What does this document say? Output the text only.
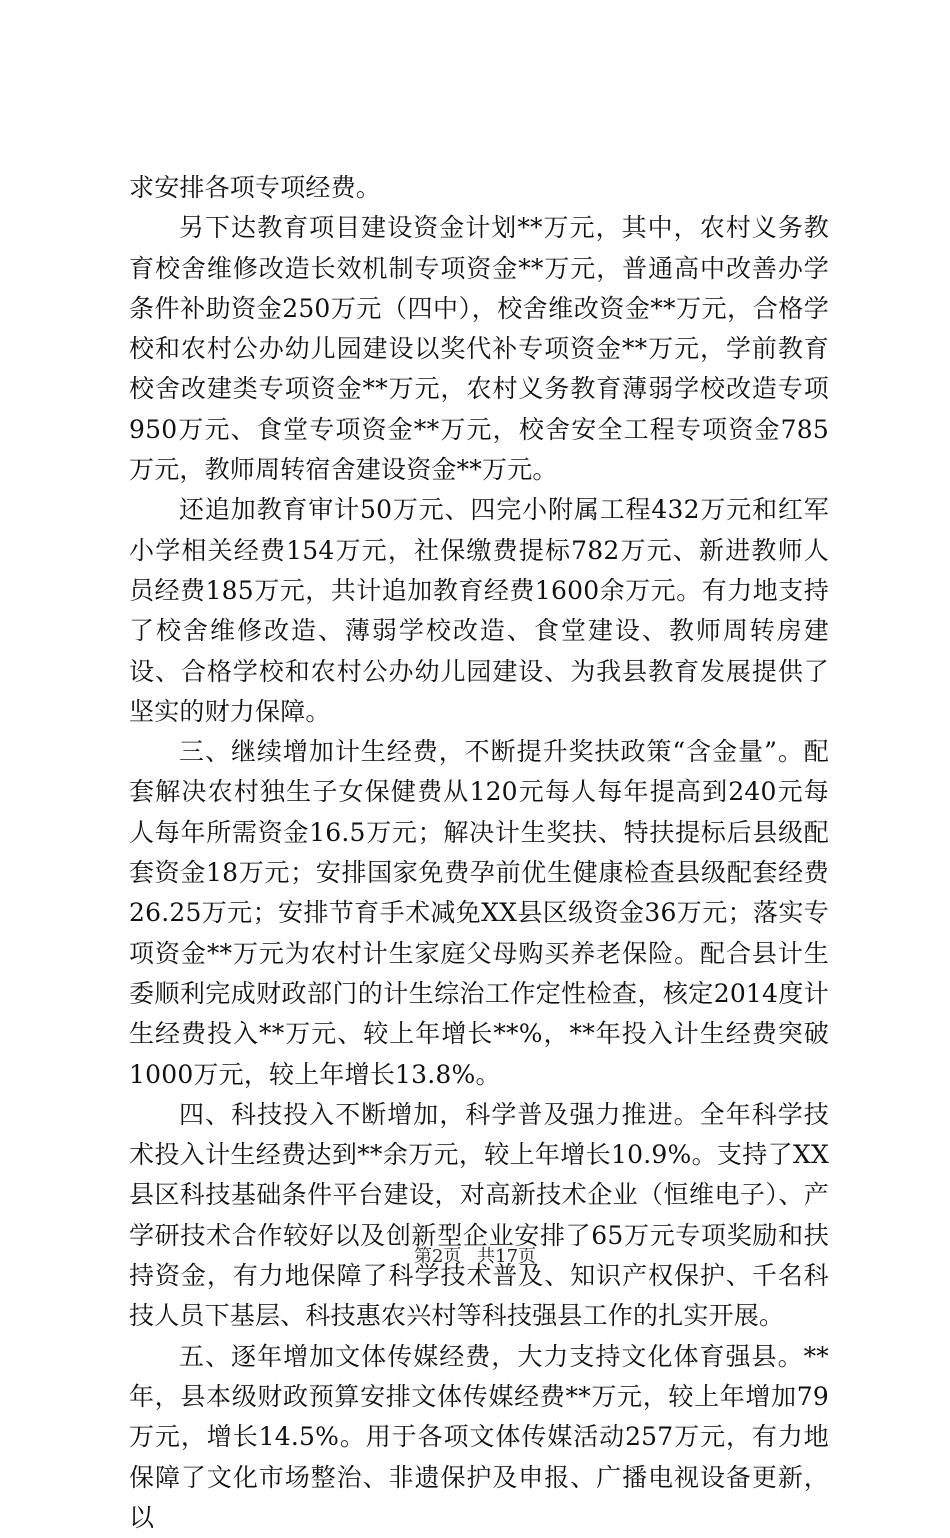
求安排各项专项经费。

另下达教育项目建设资金计划**万元，其中，农村义务教育校舍维修改造长效机制专项资金**万元，普通高中改善办学条件补助资金250万元（四中），校舍维改资金**万元，合格学校和农村公办幼儿园建设以奖代补专项资金**万元，学前教育校舍改建类专项资金**万元，农村义务教育薄弱学校改造专项950万元、食堂专项资金**万元，校舍安全工程专项资金785万元，教师周转宿舍建设资金**万元。

还追加教育审计50万元、四完小附属工程432万元和红军小学相关经费154万元，社保缴费提标782万元、新进教师人员经费185万元，共计追加教育经费1600余万元。有力地支持了校舍维修改造、薄弱学校改造、食堂建设、教师周转房建设、合格学校和农村公办幼儿园建设、为我县教育发展提供了坚实的财力保障。

三、继续增加计生经费，不断提升奖扶政策“含金量”。配套解决农村独生子女保健费从120元每人每年提高到240元每人每年所需资金16.5万元；解决计生奖扶、特扶提标后县级配套资金18万元；安排国家免费孕前优生健康检查县级配套经费26.25万元；安排节育手术减免XX县区级资金36万元；落实专项资金**万元为农村计生家庭父母购买养老保险。配合县计生委顺利完成财政部门的计生综治工作定性检查，核定2014度计生经费投入**万元、较上年增长**%，**年投入计生经费突破1000万元，较上年增长13.8%。

四、科技投入不断增加，科学普及强力推进。全年科学技术投入计生经费达到**余万元，较上年增长10.9%。支持了XX县区科技基础条件平台建设，对高新技术企业（恒维电子）、产学研技术合作较好以及创新型企业安排了65万元专项奖励和扶持资金，有力地保障了科学技术普及、知识产权保护、千名科技人员下基层、科技惠农兴村等科技强县工作的扎实开展。

五、逐年增加文体传媒经费，大力支持文化体育强县。**年，县本级财政预算安排文体传媒经费**万元，较上年增加79万元，增长14.5%。用于各项文体传媒活动257万元，有力地保障了文化市场整治、非遗保护及申报、广播电视设备更新，以

第2页 共17页
